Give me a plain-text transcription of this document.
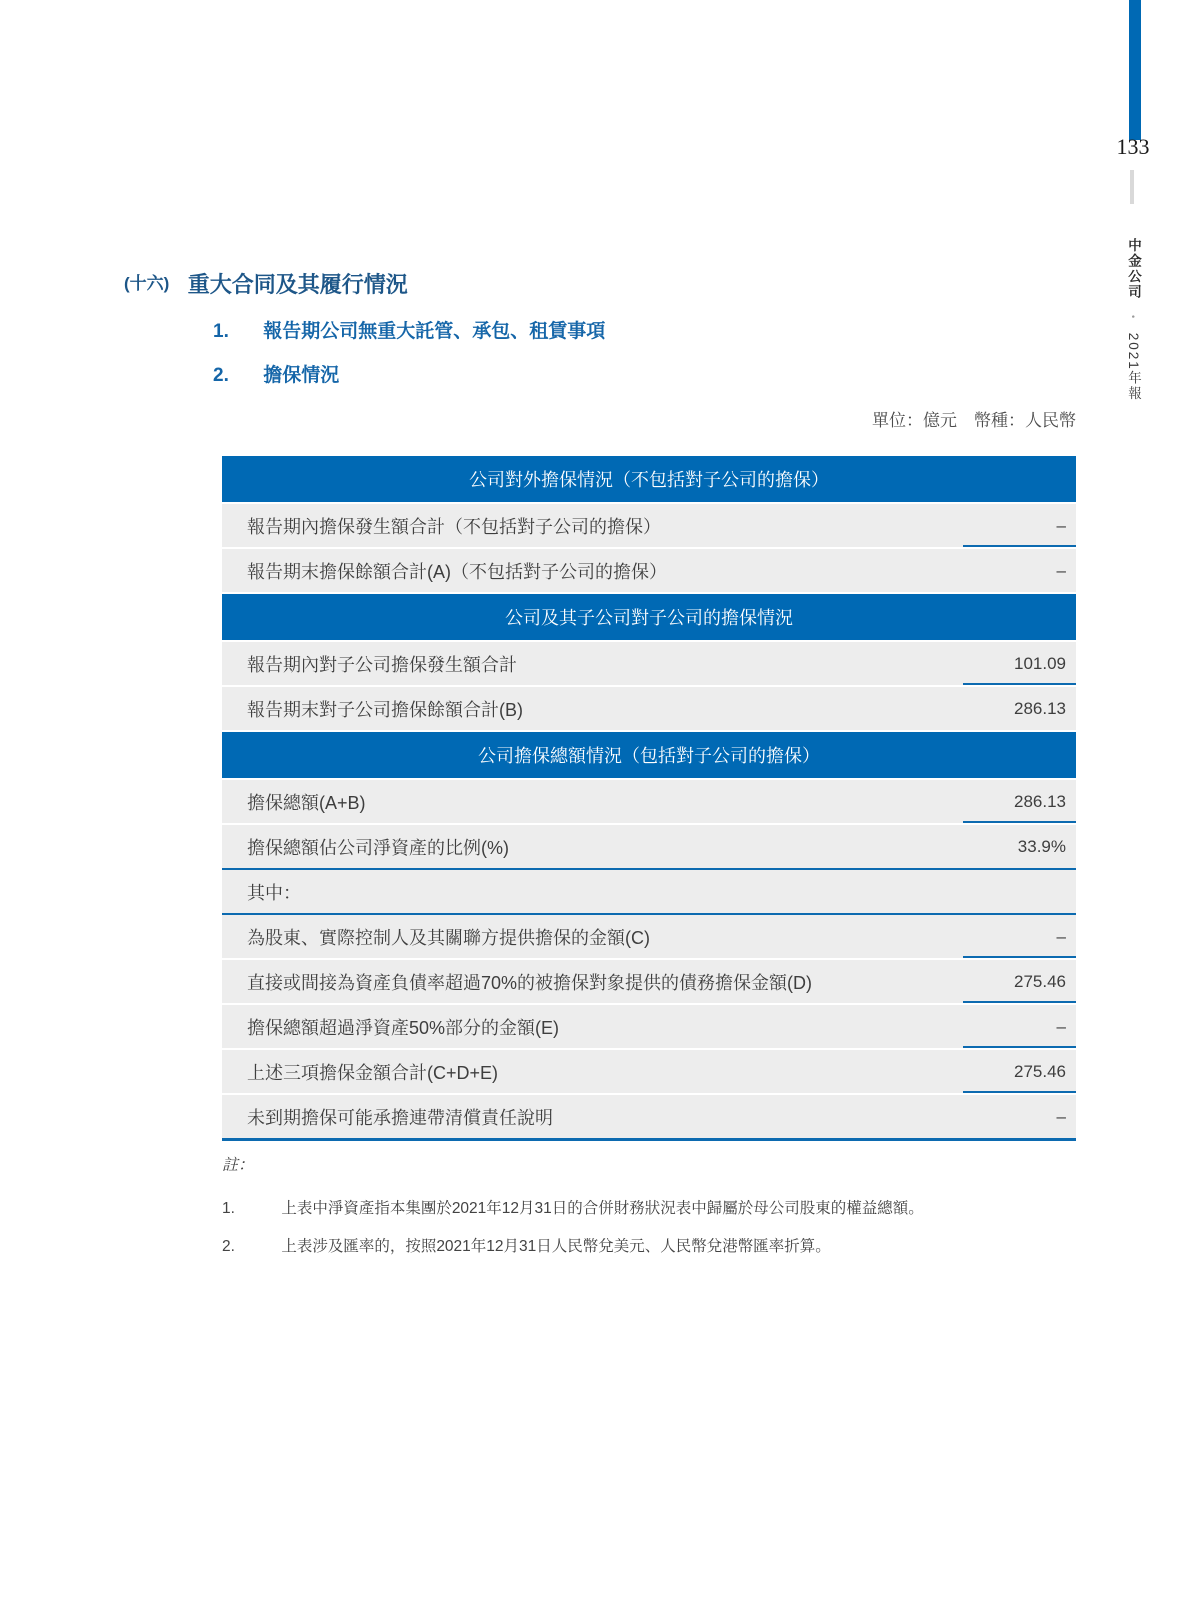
133
中金公司 • 2021年報
(十六) 重大合同及其履行情況
1. 報告期公司無重大託管、承包、租賃事項
2. 擔保情況
單位：億元　幣種：人民幣
公司對外擔保情況（不包括對子公司的擔保）
報告期內擔保發生額合計（不包括對子公司的擔保）	–
報告期末擔保餘額合計(A)（不包括對子公司的擔保）	–
公司及其子公司對子公司的擔保情況
報告期內對子公司擔保發生額合計	101.09
報告期末對子公司擔保餘額合計(B)	286.13
公司擔保總額情況（包括對子公司的擔保）
擔保總額(A+B)	286.13
擔保總額佔公司淨資產的比例(%)	33.9%
其中：
為股東、實際控制人及其關聯方提供擔保的金額(C)	–
直接或間接為資產負債率超過70%的被擔保對象提供的債務擔保金額(D)	275.46
擔保總額超過淨資產50%部分的金額(E)	–
上述三項擔保金額合計(C+D+E)	275.46
未到期擔保可能承擔連帶清償責任說明	–
註：
1.	上表中淨資產指本集團於2021年12月31日的合併財務狀況表中歸屬於母公司股東的權益總額。
2.	上表涉及匯率的，按照2021年12月31日人民幣兌美元、人民幣兌港幣匯率折算。
